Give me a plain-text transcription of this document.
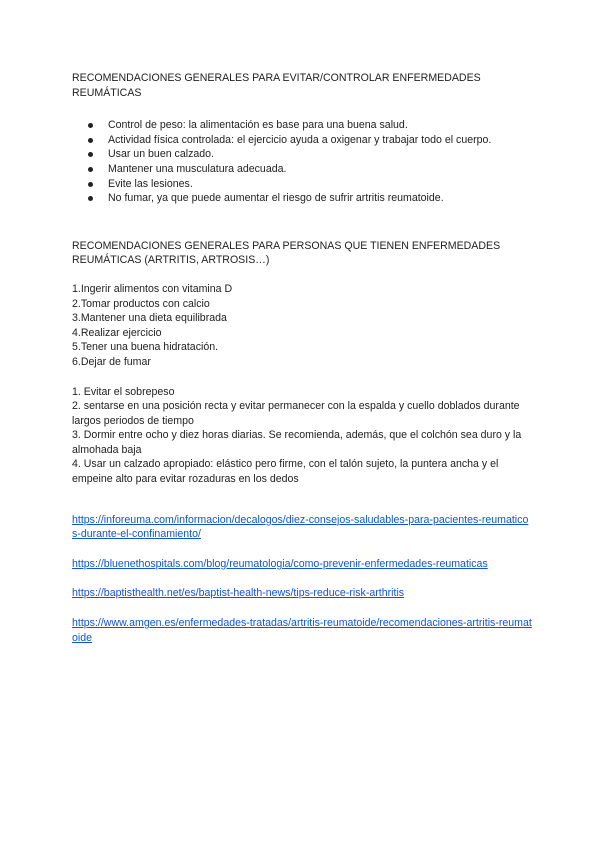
RECOMENDACIONES GENERALES PARA EVITAR/CONTROLAR ENFERMEDADES REUMÁTICAS

Control de peso: la alimentación es base para una buena salud.
Actividad física controlada: el ejercicio ayuda a oxigenar y trabajar todo el cuerpo.
Usar un buen calzado.
Mantener una musculatura adecuada.
Evite las lesiones.
No fumar, ya que puede aumentar el riesgo de sufrir artritis reumatoide.

RECOMENDACIONES GENERALES PARA PERSONAS QUE TIENEN ENFERMEDADES REUMÁTICAS (ARTRITIS, ARTROSIS…)

1.Ingerir alimentos con vitamina D
2.Tomar productos con calcio
3.Mantener una dieta equilibrada
4.Realizar ejercicio
5.Tener una buena hidratación.
6.Dejar de fumar
1. Evitar el sobrepeso
2. sentarse en una posición recta y evitar permanecer con la espalda y cuello doblados durante largos periodos de tiempo
3. Dormir entre ocho y diez horas diarias. Se recomienda, además, que el colchón sea duro y la almohada baja
4. Usar un calzado apropiado: elástico pero firme, con el talón sujeto, la puntera ancha y el empeine alto para evitar rozaduras en los dedos
https://inforeuma.com/informacion/decalogos/diez-consejos-saludables-para-pacientes-reumaticos-durante-el-confinamiento/
https://bluenethospitals.com/blog/reumatologia/como-prevenir-enfermedades-reumaticas
https://baptisthealth.net/es/baptist-health-news/tips-reduce-risk-arthritis
https://www.amgen.es/enfermedades-tratadas/artritis-reumatoide/recomendaciones-artritis-reumatoide
